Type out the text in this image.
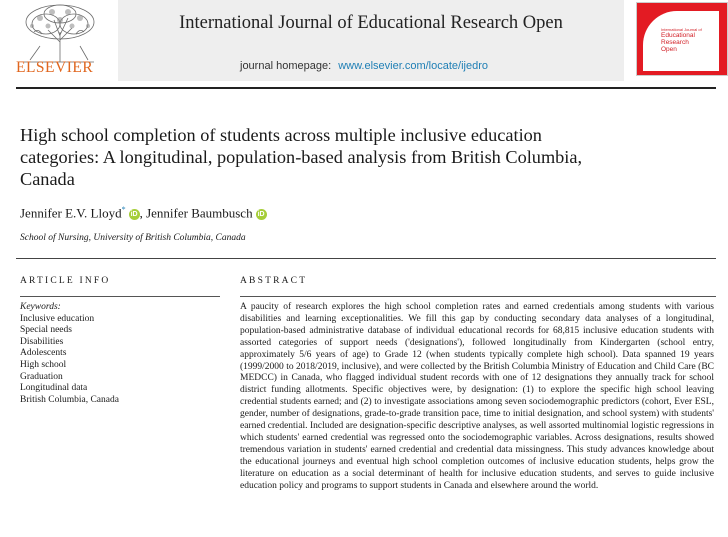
ELSEVIER
International Journal of Educational Research Open
journal homepage: www.elsevier.com/locate/ijedro
International Journal of
Educational
Research
Open
High school completion of students across multiple inclusive education categories: A longitudinal, population-based analysis from British Columbia, Canada
Jennifer E.V. Lloyd*iD , Jennifer Baumbusch iD
School of Nursing, University of British Columbia, Canada
ARTICLE INFO	ABSTRACT
Keywords:
Inclusive education
Special needs
Disabilities
Adolescents
High school
Graduation
Longitudinal data
British Columbia, Canada
A paucity of research explores the high school completion rates and earned credentials among students with various disabilities and learning exceptionalities. We fill this gap by conducting secondary data analyses of a longitudinal, population-based administrative database of individual educational records for 68,815 inclusive education students with assorted categories of support needs ('designations'), followed longitudinally from Kindergarten (school entry, approximately 5/6 years of age) to Grade 12 (when students typically complete high school). Data spanned 19 years (1999/2000 to 2018/2019, inclusive), and were collected by the British Columbia Ministry of Education and Child Care (BC MEDCC) in Canada, who flagged individual student records with one of 12 designations they annually track for school district funding allotments. Specific objectives were, by designation: (1) to explore the specific high school leaving credential students earned; and (2) to investigate associations among seven sociodemographic predictors (cohort, Ever ESL, gender, number of designations, grade-to-grade transition pace, time to initial designation, and school system) with students' earned credential. Included are designation-specific descriptive analyses, as well assorted multinomial logistic regressions in which students' earned credential was regressed onto the sociodemographic variables. Across designations, results showed tremendous variation in students' earned credential and credential data missingness. This study advances knowledge about the educational journeys and eventual high school completion outcomes of inclusive education students, helps grow the literature on education as a social determinant of health for inclusive education students, and serves to guide inclusive education policy and programs to support students in Canada and elsewhere around the world.
